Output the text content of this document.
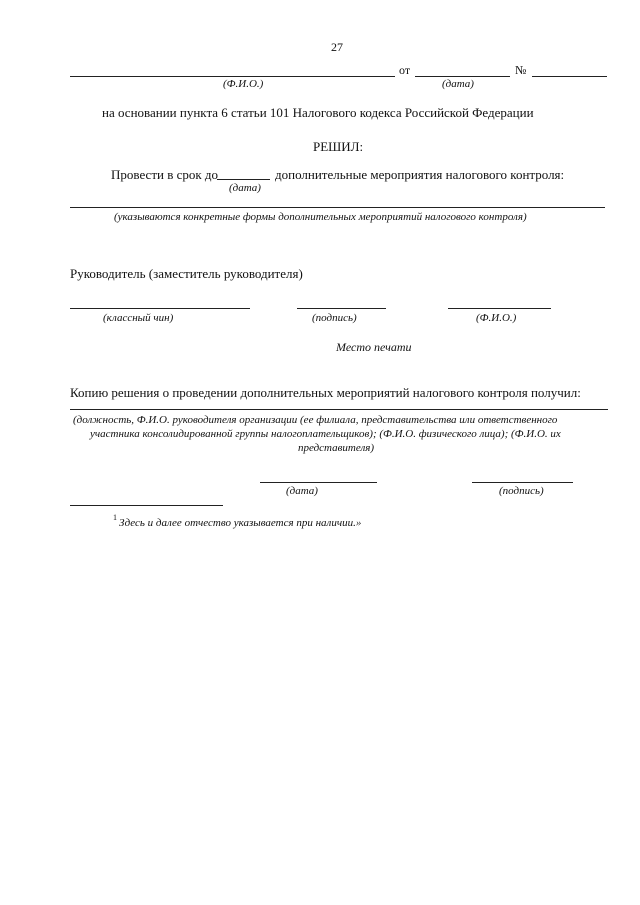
27
от	№
(Ф.И.О.)	(дата)
на основании пункта 6 статьи 101 Налогового кодекса Российской Федерации
РЕШИЛ:
Провести в срок до	дополнительные мероприятия налогового контроля:
(дата)
(указываются конкретные формы дополнительных мероприятий налогового контроля)
Руководитель (заместитель руководителя)
(классный чин)	(подпись)	(Ф.И.О.)
Место печати
Копию решения о проведении дополнительных мероприятий налогового контроля получил:
(должность, Ф.И.О. руководителя организации (ее филиала, представительства или ответственного
участника консолидированной группы налогоплательщиков); (Ф.И.О. физического лица); (Ф.И.О. их
представителя)
(дата)	(подпись)
1 Здесь и далее отчество указывается при наличии.»
